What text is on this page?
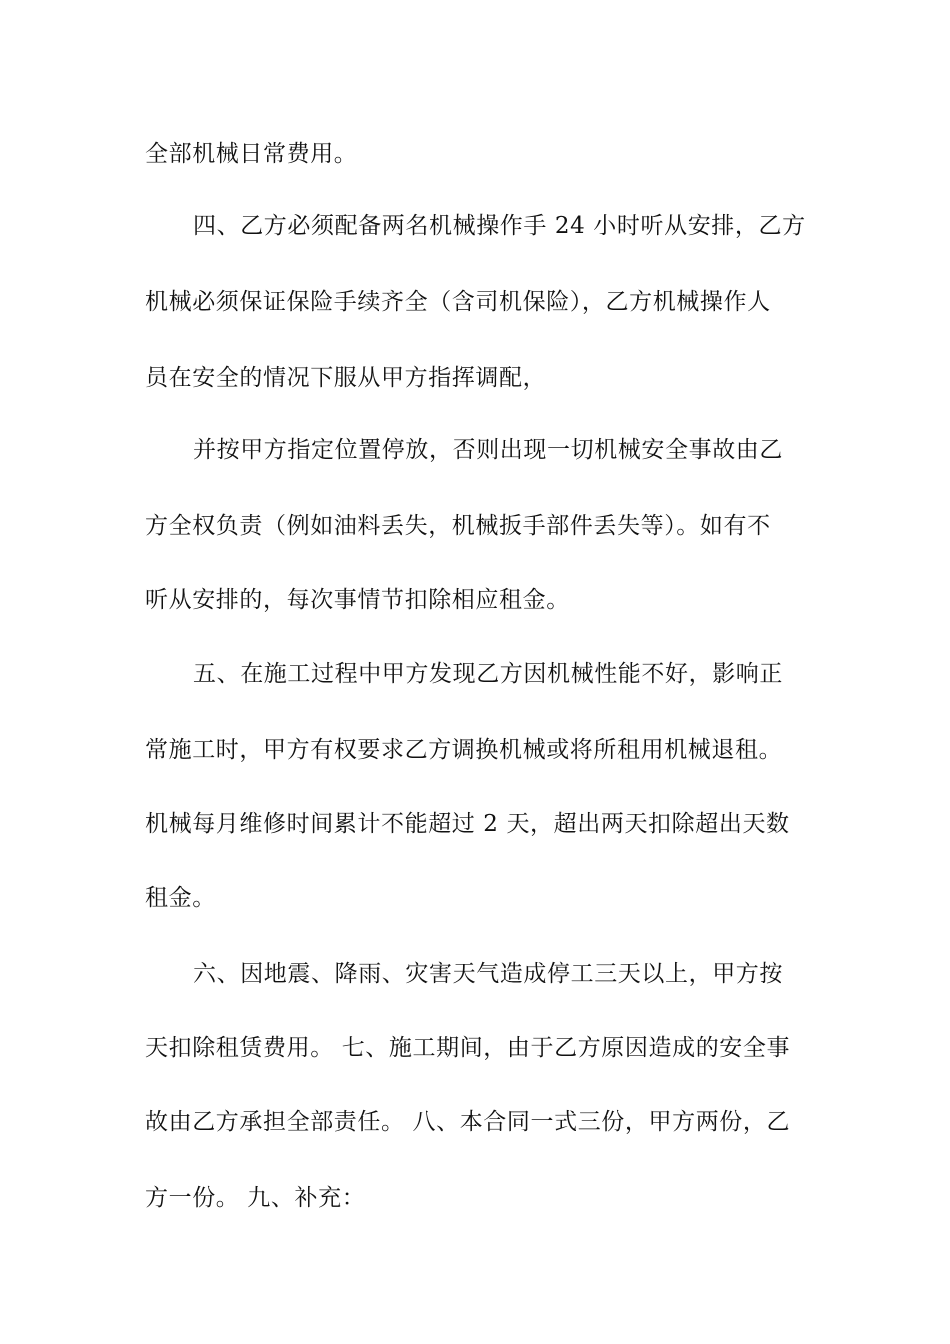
全部机械日常费用。
四、乙方必须配备两名机械操作手 24 小时听从安排，乙方
机械必须保证保险手续齐全（含司机保险），乙方机械操作人
员在安全的情况下服从甲方指挥调配，
并按甲方指定位置停放，否则出现一切机械安全事故由乙
方全权负责（例如油料丢失，机械扳手部件丢失等）。如有不
听从安排的，每次事情节扣除相应租金。
五、在施工过程中甲方发现乙方因机械性能不好，影响正
常施工时，甲方有权要求乙方调换机械或将所租用机械退租。
机械每月维修时间累计不能超过 2 天，超出两天扣除超出天数
租金。
六、因地震、降雨、灾害天气造成停工三天以上，甲方按
天扣除租赁费用。 七、施工期间，由于乙方原因造成的安全事
故由乙方承担全部责任。 八、本合同一式三份，甲方两份，乙
方一份。 九、补充：
